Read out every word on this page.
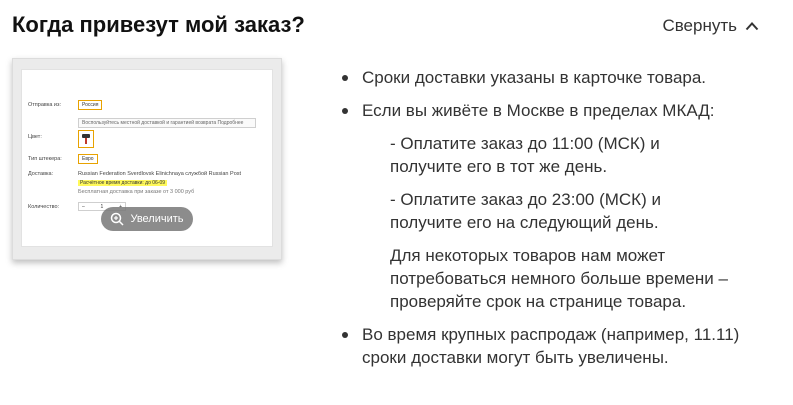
Когда привезут мой заказ?	Свернуть
Отправка из:	Россия
Воспользуйтесь местной доставкой и гарантией возврата Подробнее
Цвет:
Тип штекера:	Евро
Доставка:	Russian Federation Sverdlovsk Elinichnaya службой Russian Post
Расчётное время доставки: до 06-09
Бесплатная доставка при заказе от 3 000 руб
Количество:	–	1
Увеличить
Сроки доставки указаны в карточке товара.
Если вы живёте в Москве в пределах МКАД:
- Оплатите заказ до 11:00 (МСК) и получите его в тот же день.
- Оплатите заказ до 23:00 (МСК) и получите его на следующий день.
Для некоторых товаров нам может потребоваться немного больше времени – проверяйте срок на странице товара.
Во время крупных распродаж (например, 11.11) сроки доставки могут быть увеличены.
